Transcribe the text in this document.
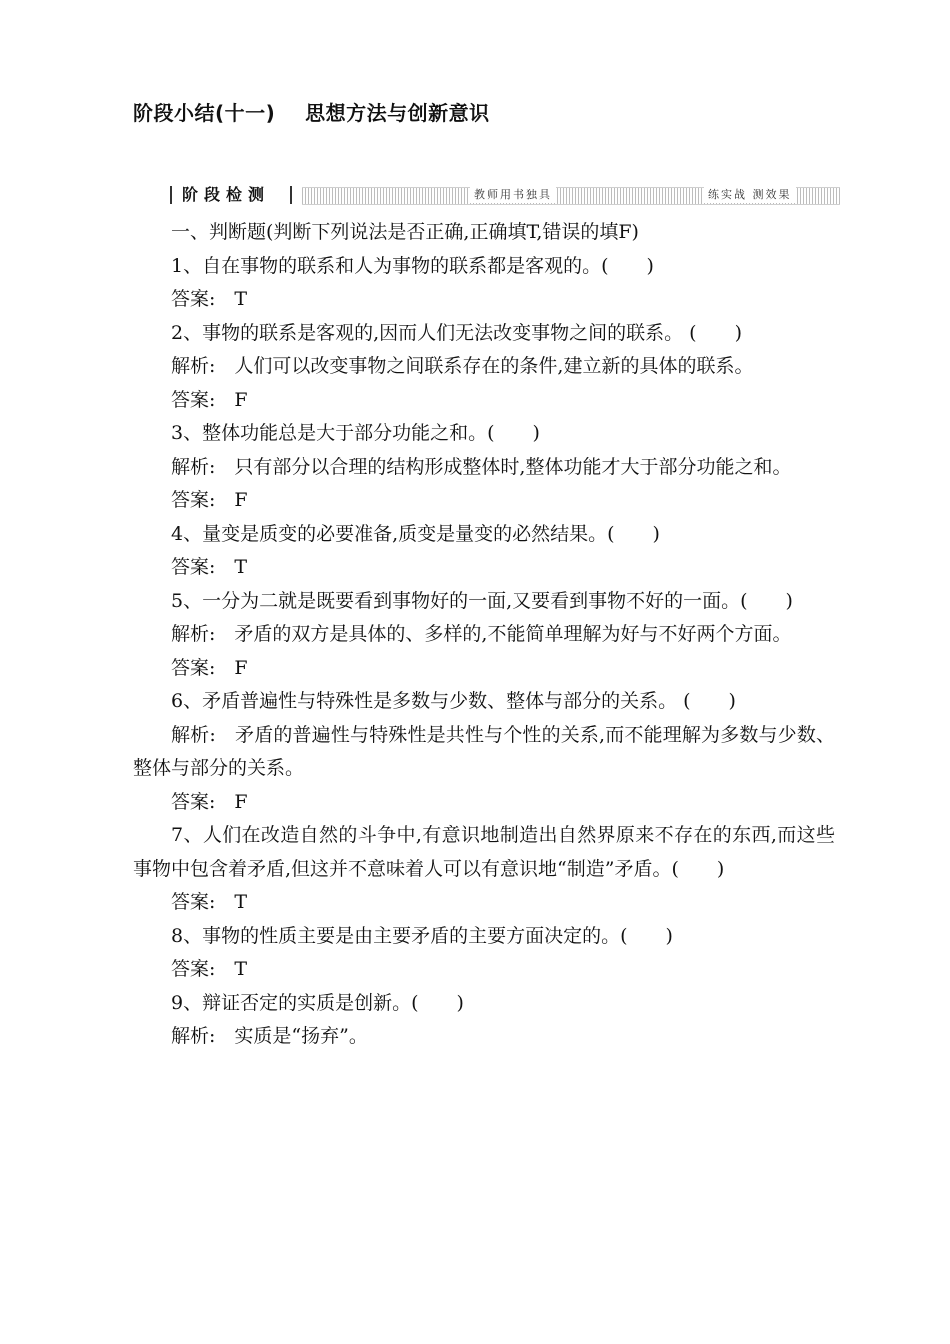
阶段小结(十一)    思想方法与创新意识
阶段检测	教师用书独具	练实战 测效果

一、判断题(判断下列说法是否正确,正确填T,错误的填F)

1、自在事物的联系和人为事物的联系都是客观的。(　　)

答案:　T

2、事物的联系是客观的,因而人们无法改变事物之间的联系。 (　　)

解析:　人们可以改变事物之间联系存在的条件,建立新的具体的联系。

答案:　F

3、整体功能总是大于部分功能之和。(　　)

解析:　只有部分以合理的结构形成整体时,整体功能才大于部分功能之和。

答案:　F

4、量变是质变的必要准备,质变是量变的必然结果。(　　)

答案:　T

5、一分为二就是既要看到事物好的一面,又要看到事物不好的一面。(　　)

解析:　矛盾的双方是具体的、多样的,不能简单理解为好与不好两个方面。

答案:　F

6、矛盾普遍性与特殊性是多数与少数、整体与部分的关系。 (　　)

解析:　矛盾的普遍性与特殊性是共性与个性的关系,而不能理解为多数与少数、整体与部分的关系。

答案:　F

7、人们在改造自然的斗争中,有意识地制造出自然界原来不存在的东西,而这些事物中包含着矛盾,但这并不意味着人可以有意识地“制造”矛盾。(　　)

答案:　T

8、事物的性质主要是由主要矛盾的主要方面决定的。(　　)

答案:　T

9、辩证否定的实质是创新。(　　)

解析:　实质是“扬弃”。
